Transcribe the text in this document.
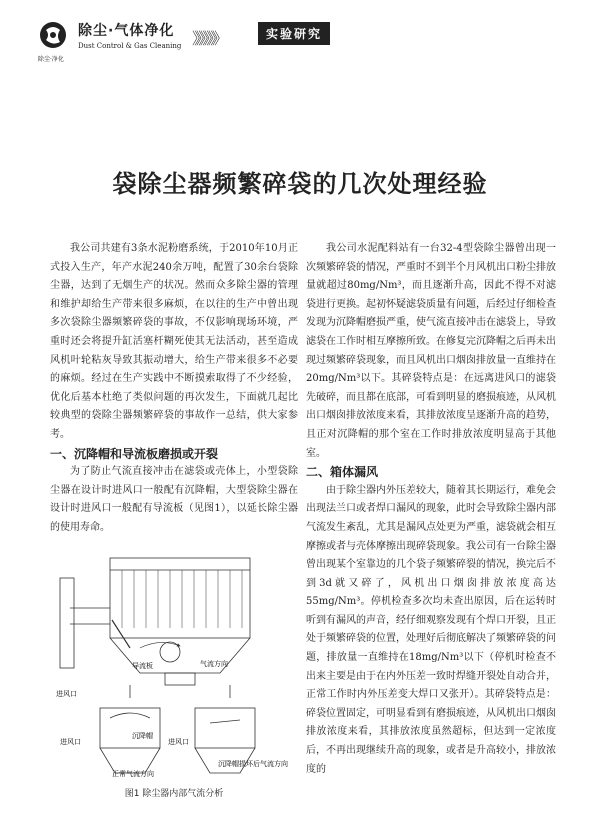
除尘·净化
除尘·气体净化
Dust Control & Gas Cleaning 》》》》》》	实验研究
袋除尘器频繁碎袋的几次处理经验

我公司共建有3条水泥粉磨系统，于2010年10月正式投入生产，年产水泥240余万吨，配置了30余台袋除尘器，达到了无烟生产的状况。然而众多除尘器的管理和维护却给生产带来很多麻烦，在以往的生产中曾出现多次袋除尘器频繁碎袋的事故，不仅影响现场环境，严重时还会将提升缸活塞杆糊死使其无法活动，甚至造成风机叶轮粘灰导致其振动增大，给生产带来很多不必要的麻烦。经过在生产实践中不断摸索取得了不少经验，优化后基本杜绝了类似问题的再次发生，下面就几起比较典型的袋除尘器频繁碎袋的事故作一总结，供大家参考。

一、沉降帽和导流板磨损或开裂

为了防止气流直接冲击在滤袋或壳体上，小型袋除尘器在设计时进风口一般配有沉降帽，大型袋除尘器在设计时进风口一般配有导流板（见图1），以延长除尘器的使用寿命。

进风口
导流板	气流方向
进风口
沉降帽
正常气流方向
进风口
沉降帽损坏后气流方向
图1 除尘器内部气流分析

我公司水泥配料站有一台32-4型袋除尘器曾出现一次频繁碎袋的情况，严重时不到半个月风机出口粉尘排放量就超过80mg/Nm³，而且逐渐升高，因此不得不对滤袋进行更换。起初怀疑滤袋质量有问题，后经过仔细检查发现为沉降帽磨损严重，使气流直接冲击在滤袋上，导致滤袋在工作时相互摩擦所致。在修复完沉降帽之后再未出现过频繁碎袋现象，而且风机出口烟囱排放量一直维持在20mg/Nm³以下。其碎袋特点是：在远离进风口的滤袋先破碎，而且都在底部，可看到明显的磨损痕迹，从风机出口烟囱排放浓度来看，其排放浓度呈逐渐升高的趋势，且正对沉降帽的那个室在工作时排放浓度明显高于其他室。

二、箱体漏风

由于除尘器内外压差较大，随着其长期运行，难免会出现法兰口或者焊口漏风的现象，此时会导致除尘器内部气流发生紊乱，尤其是漏风点处更为严重，滤袋就会相互摩擦或者与壳体摩擦出现碎袋现象。我公司有一台除尘器曾出现某个室靠边的几个袋子频繁碎裂的情况，换完后不到3d就又碎了，风机出口烟囱排放浓度高达55mg/Nm³。停机检查多次均未查出原因，后在运转时听到有漏风的声音，经仔细观察发现有个焊口开裂，且正处于频繁碎袋的位置，处理好后彻底解决了频繁碎袋的问题，排放量一直维持在18mg/Nm³以下（停机时检查不出来主要是由于在内外压差一致时焊缝开裂处自动合并，正常工作时内外压差变大焊口又张开）。其碎袋特点是：碎袋位置固定，可明显看到有磨损痕迹，从风机出口烟囱排放浓度来看，其排放浓度虽然超标，但达到一定浓度后，不再出现继续升高的现象，或者是升高较小，排放浓度的
